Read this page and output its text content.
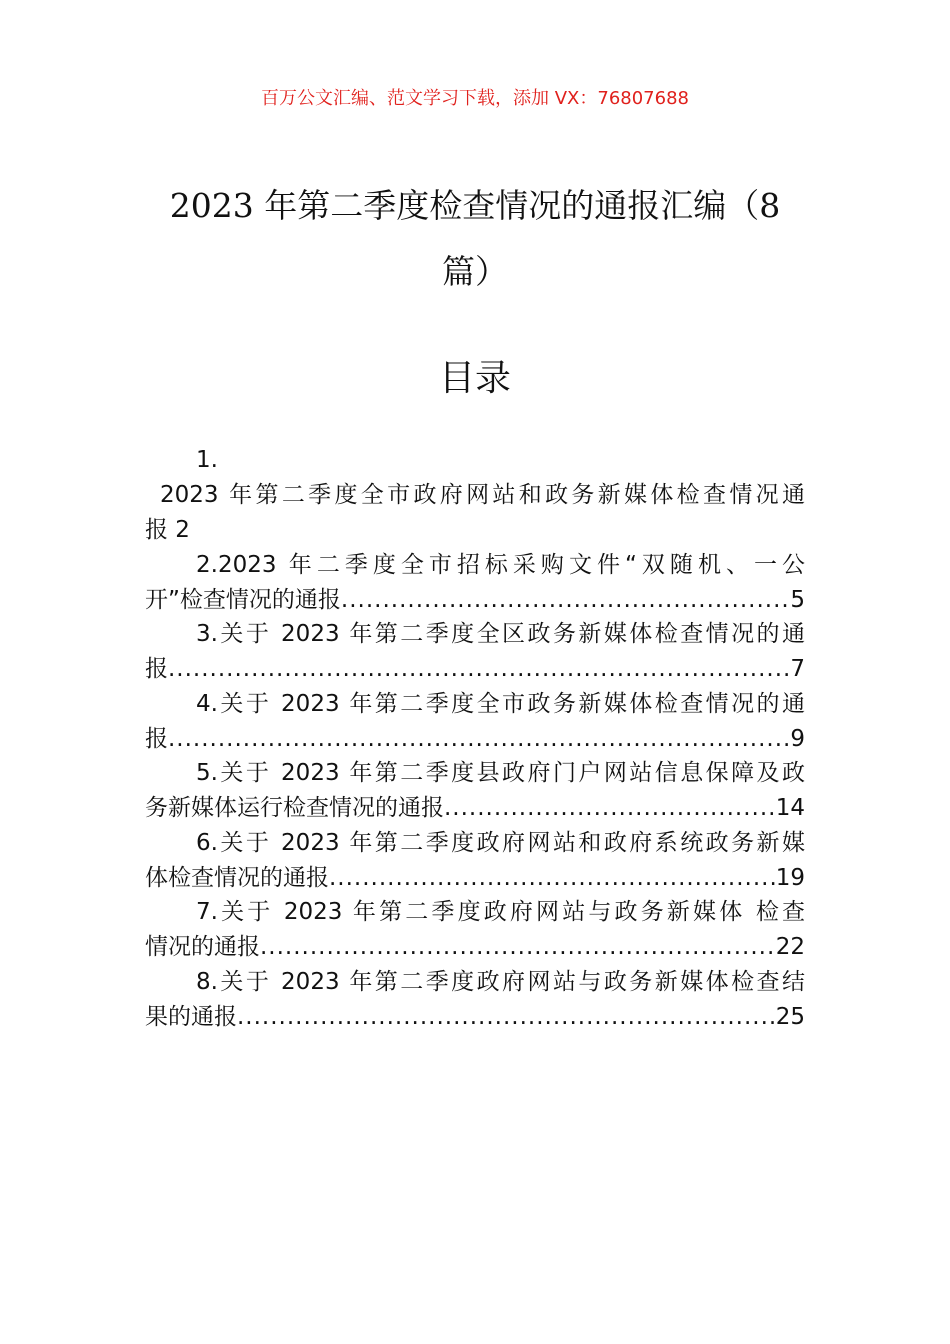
百万公文汇编、范文学习下载，添加 VX：76807688
2023 年第二季度检查情况的通报汇编（8
篇）
目录
1.
2023 年第二季度全市政府网站和政务新媒体检查情况通
报 2
2.2023 年二季度全市招标采购文件“双随机、一公
开”检查情况的通报 .....	5
3.关于 2023 年第二季度全区政务新媒体检查情况的通
报 .....	7
4.关于 2023 年第二季度全市政务新媒体检查情况的通
报 .....	9
5.关于 2023 年第二季度县政府门户网站信息保障及政
务新媒体运行检查情况的通报 .....	14
6.关于 2023 年第二季度政府网站和政府系统政务新媒
体检查情况的通报 .....	19
7.关于 2023 年第二季度政府网站与政务新媒体 检查
情况的通报 .....	22
8.关于 2023 年第二季度政府网站与政务新媒体检查结
果的通报 .....	25
